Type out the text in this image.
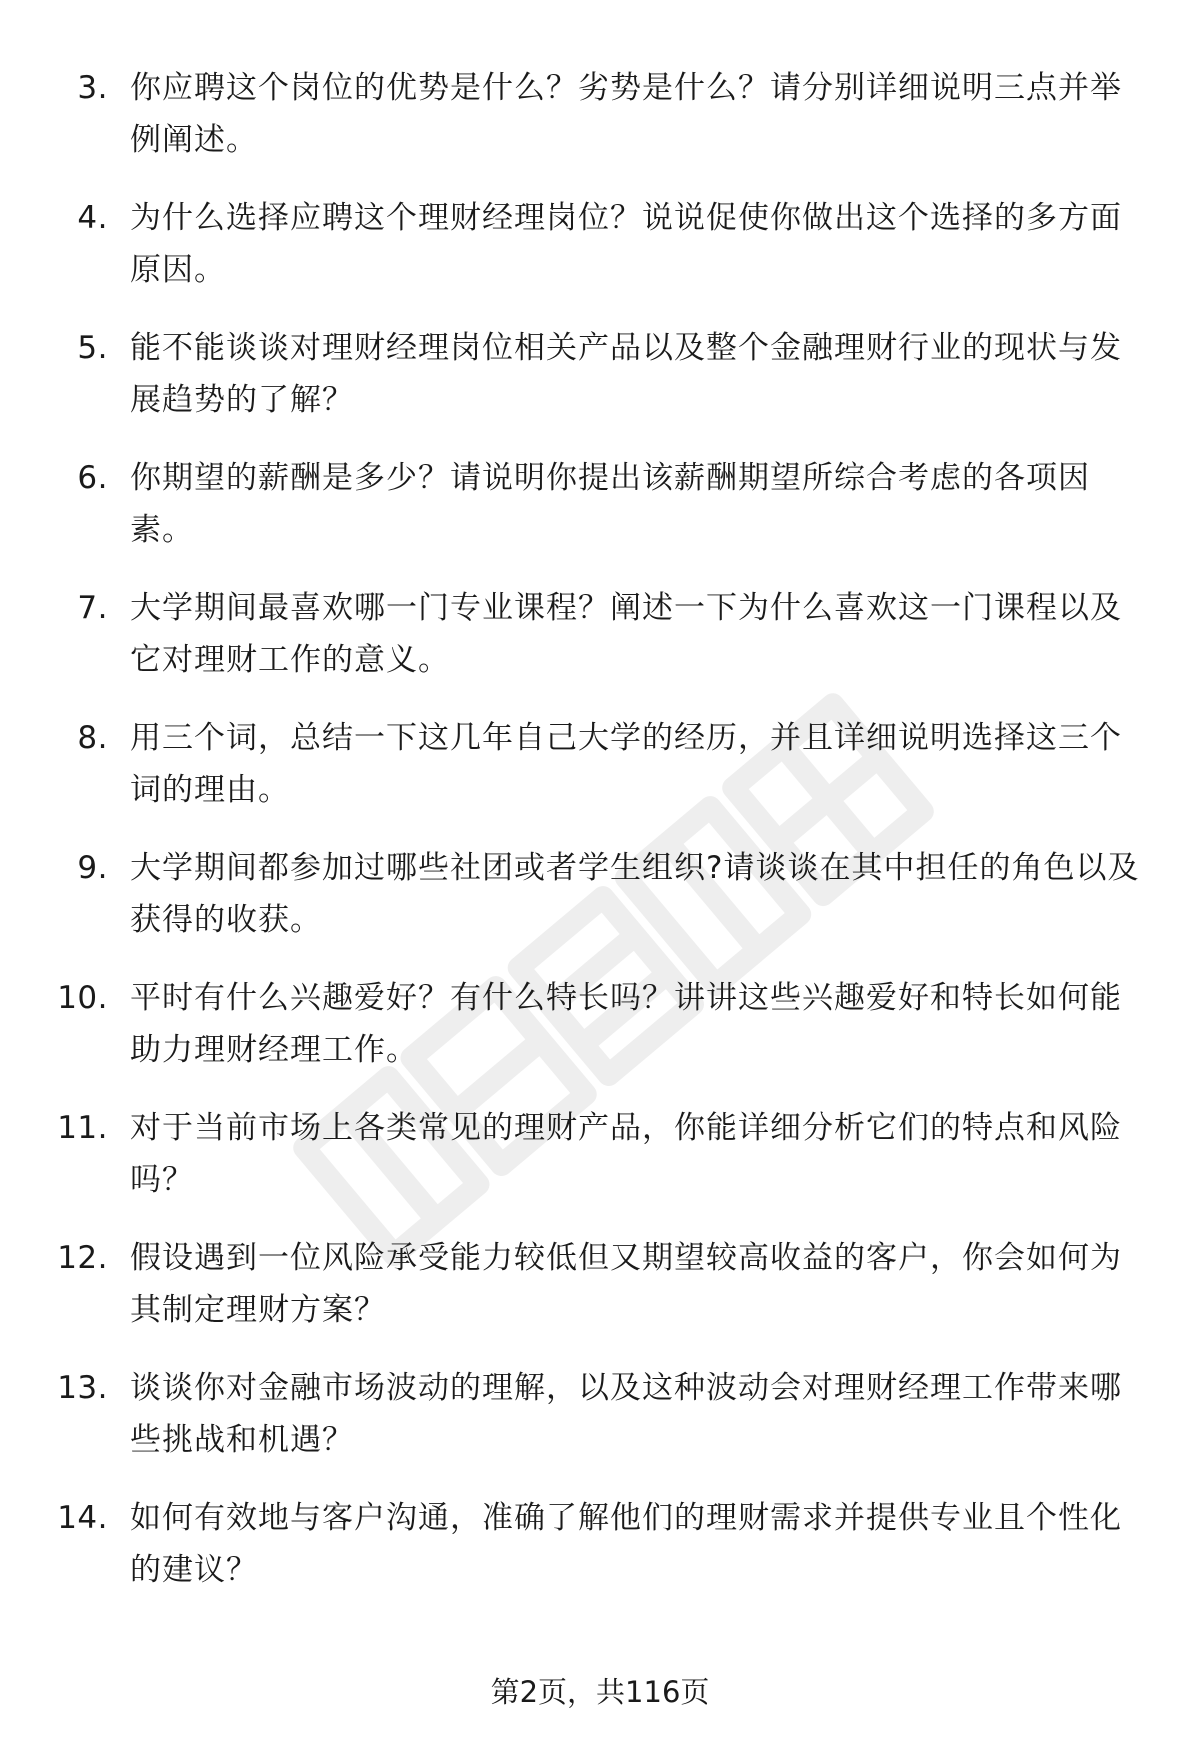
3. 你应聘这个岗位的优势是什么？劣势是什么？请分别详细说明三点并举例阐述。
4. 为什么选择应聘这个理财经理岗位？说说促使你做出这个选择的多方面原因。
5. 能不能谈谈对理财经理岗位相关产品以及整个金融理财行业的现状与发展趋势的了解？
6. 你期望的薪酬是多少？请说明你提出该薪酬期望所综合考虑的各项因素。
7. 大学期间最喜欢哪一门专业课程？阐述一下为什么喜欢这一门课程以及它对理财工作的意义。
8. 用三个词，总结一下这几年自己大学的经历，并且详细说明选择这三个词的理由。
9. 大学期间都参加过哪些社团或者学生组织?请谈谈在其中担任的角色以及获得的收获。
10. 平时有什么兴趣爱好？有什么特长吗？讲讲这些兴趣爱好和特长如何能助力理财经理工作。
11. 对于当前市场上各类常见的理财产品，你能详细分析它们的特点和风险吗？
12. 假设遇到一位风险承受能力较低但又期望较高收益的客户，你会如何为其制定理财方案？
13. 谈谈你对金融市场波动的理解，以及这种波动会对理财经理工作带来哪些挑战和机遇？
14. 如何有效地与客户沟通，准确了解他们的理财需求并提供专业且个性化的建议？
第2页，共116页
